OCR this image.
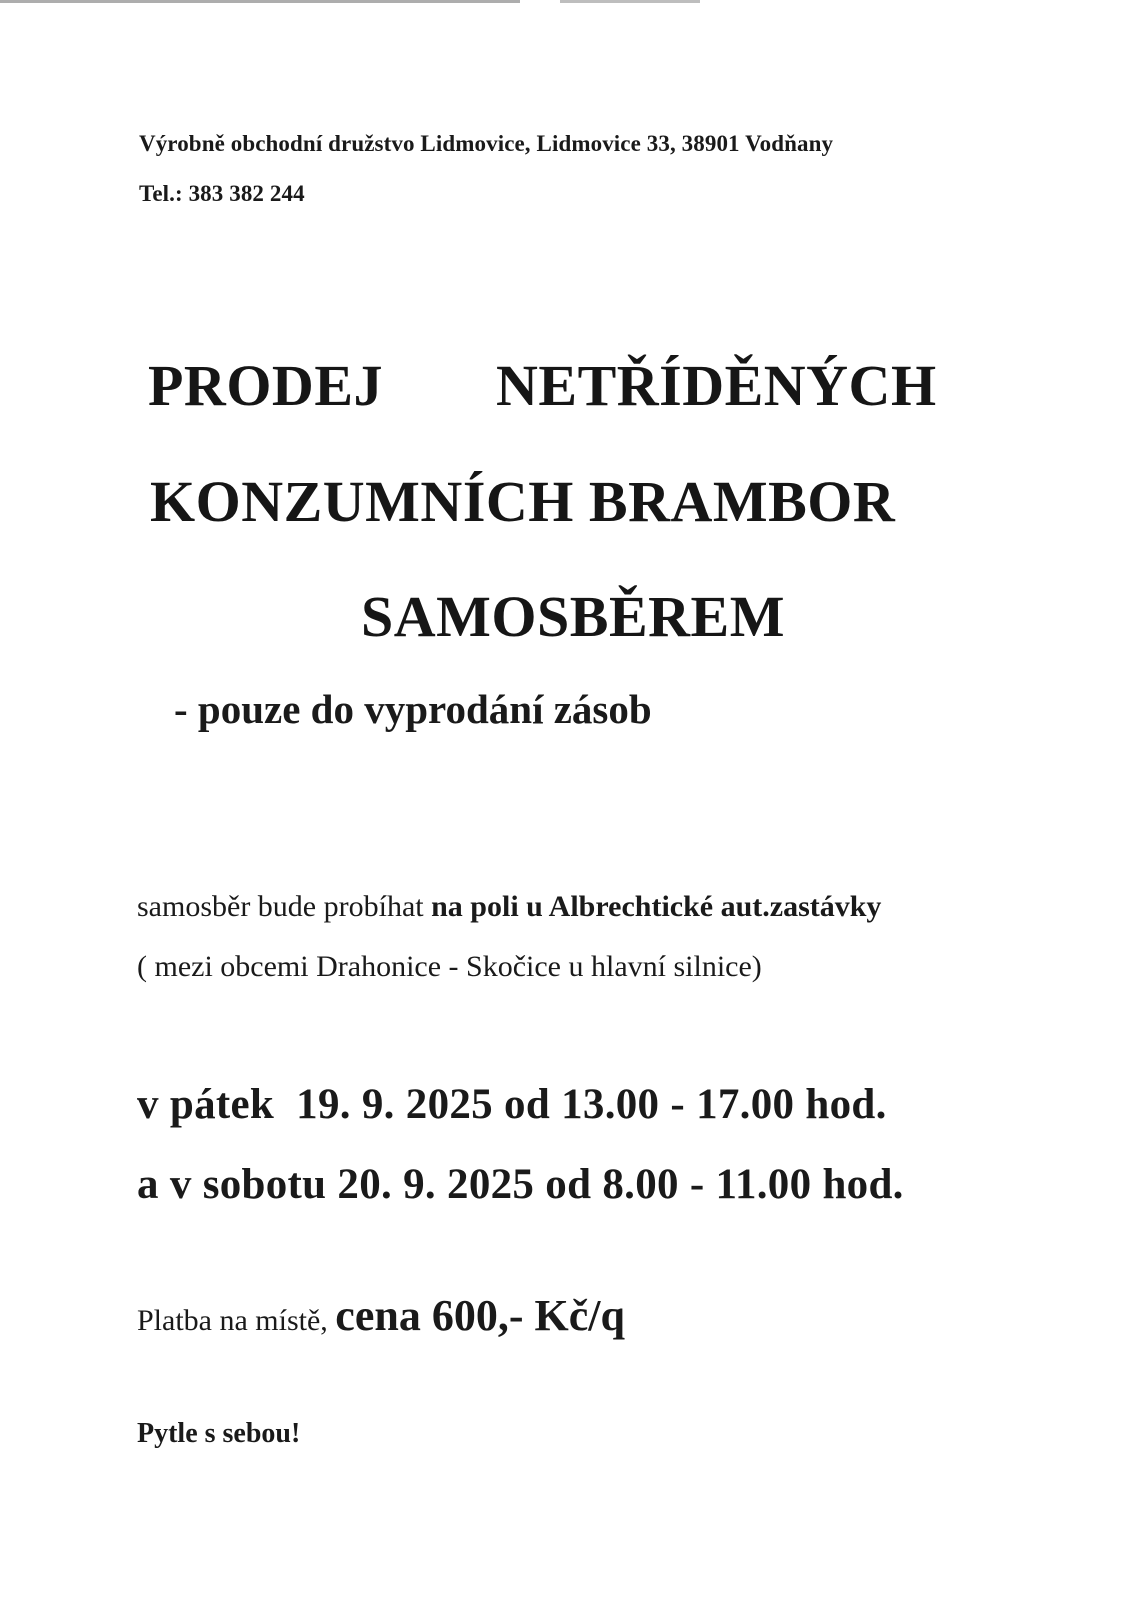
Výrobně obchodní družstvo Lidmovice, Lidmovice 33, 38901 Vodňany
Tel.: 383 382 244
PRODEJ NETŘÍDĚNÝCH
KONZUMNÍCH BRAMBOR
SAMOSBĚREM
- pouze do vyprodání zásob
samosběr bude probíhat na poli u Albrechtické aut.zastávky
( mezi obcemi Drahonice - Skočice u hlavní silnice)
v pátek  19. 9. 2025 od 13.00 - 17.00 hod.
a v sobotu 20. 9. 2025 od 8.00 - 11.00 hod.
Platba na místě, cena 600,- Kč/q
Pytle s sebou!
